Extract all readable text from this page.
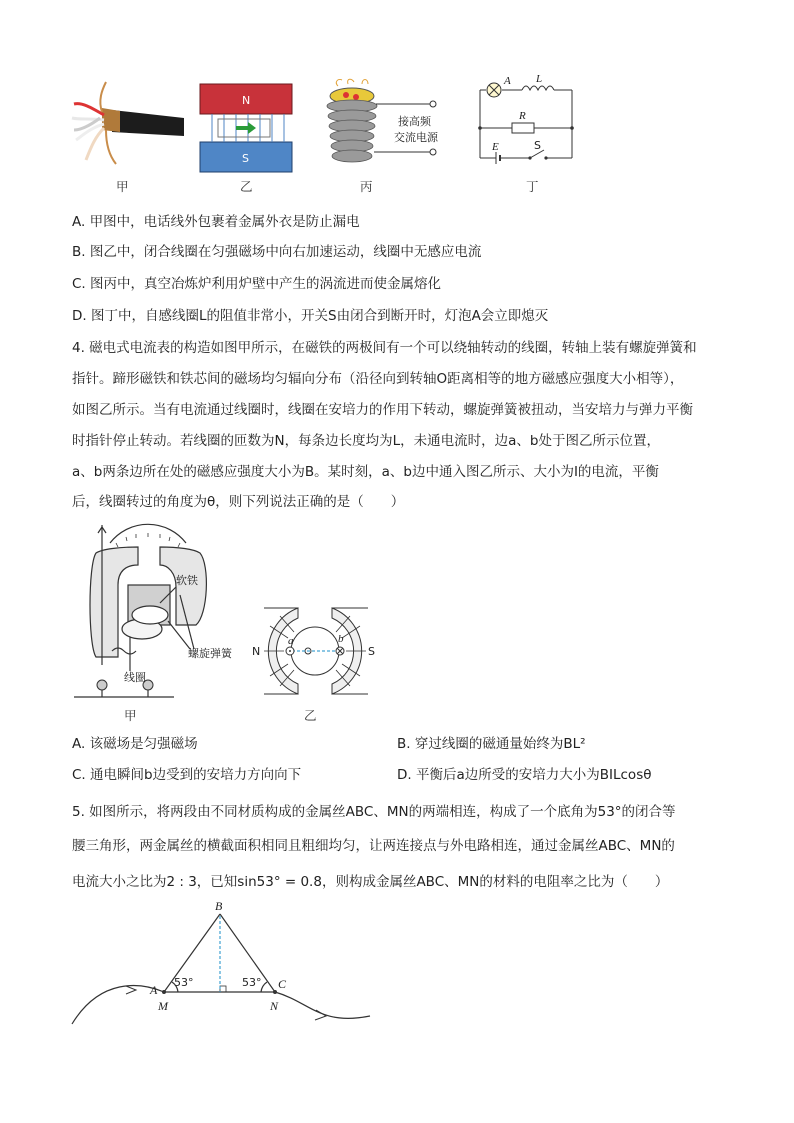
甲
N
S
乙
接高频
交流电源
丙
A L
R
E	S
丁
A. 甲图中，电话线外包裹着金属外衣是防止漏电
B. 图乙中，闭合线圈在匀强磁场中向右加速运动，线圈中无感应电流
C. 图丙中，真空冶炼炉利用炉壁中产生的涡流进而使金属熔化
D. 图丁中，自感线圈L的阻值非常小，开关S由闭合到断开时，灯泡A会立即熄灭
4. 磁电式电流表的构造如图甲所示，在磁铁的两极间有一个可以绕轴转动的线圈，转轴上装有螺旋弹簧和
指针。蹄形磁铁和铁芯间的磁场均匀辐向分布（沿径向到转轴O距离相等的地方磁感应强度大小相等），
如图乙所示。当有电流通过线圈时，线圈在安培力的作用下转动，螺旋弹簧被扭动，当安培力与弹力平衡
时指针停止转动。若线圈的匝数为N，每条边长度均为L，未通电流时，边a、b处于图乙所示位置，
a、b两条边所在处的磁感应强度大小为B。某时刻，a、b边中通入图乙所示、大小为I的电流，平衡
后，线圈转过的角度为θ，则下列说法正确的是（　　）
软铁
螺旋弹簧
线圈
甲
N	S
a	b
乙
A. 该磁场是匀强磁场	B. 穿过线圈的磁通量始终为BL²
C. 通电瞬间b边受到的安培力方向向下	D. 平衡后a边所受的安培力大小为BILcosθ
5. 如图所示，将两段由不同材质构成的金属丝ABC、MN的两端相连，构成了一个底角为53°的闭合等
腰三角形，两金属丝的横截面积相同且粗细均匀，让两连接点与外电路相连，通过金属丝ABC、MN的
电流大小之比为2 : 3，已知sin53° = 0.8，则构成金属丝ABC、MN的材料的电阻率之比为（　　）
B
A	C
M	N
53°	53°
